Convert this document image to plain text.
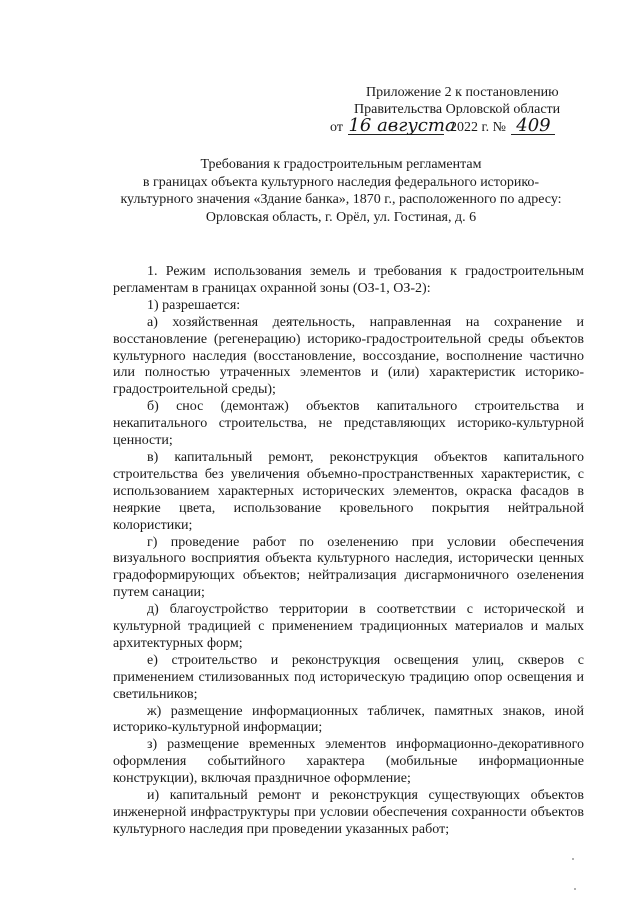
Приложение 2 к постановлению
Правительства Орловской области
от 16 августа 2022 г. № 409
Требования к градостроительным регламентам
в границах объекта культурного наследия федерального историко-
культурного значения «Здание банка», 1870 г., расположенного по адресу:
Орловская область, г. Орёл, ул. Гостиная, д. 6

1. Режим использования земель и требования к градостроительным регламентам в границах охранной зоны (ОЗ-1, ОЗ-2):

1) разрешается:

а) хозяйственная деятельность, направленная на сохранение и восстановление (регенерацию) историко-градостроительной среды объектов культурного наследия (восстановление, воссоздание, восполнение частично или полностью утраченных элементов и (или) характеристик историко-градостроительной среды);

б) снос (демонтаж) объектов капитального строительства и некапитального строительства, не представляющих историко-культурной ценности;

в) капитальный ремонт, реконструкция объектов капитального строительства без увеличения объемно-пространственных характеристик, с использованием характерных исторических элементов, окраска фасадов в неяркие цвета, использование кровельного покрытия нейтральной колористики;

г) проведение работ по озеленению при условии обеспечения визуального восприятия объекта культурного наследия, исторически ценных градоформирующих объектов; нейтрализация дисгармоничного озеленения путем санации;

д) благоустройство территории в соответствии с исторической и культурной традицией с применением традиционных материалов и малых архитектурных форм;

е) строительство и реконструкция освещения улиц, скверов с применением стилизованных под историческую традицию опор освещения и светильников;

ж) размещение информационных табличек, памятных знаков, иной историко-культурной информации;

з) размещение временных элементов информационно-декоративного оформления событийного характера (мобильные информационные конструкции), включая праздничное оформление;

и) капитальный ремонт и реконструкция существующих объектов инженерной инфраструктуры при условии обеспечения сохранности объектов культурного наследия при проведении указанных работ;
